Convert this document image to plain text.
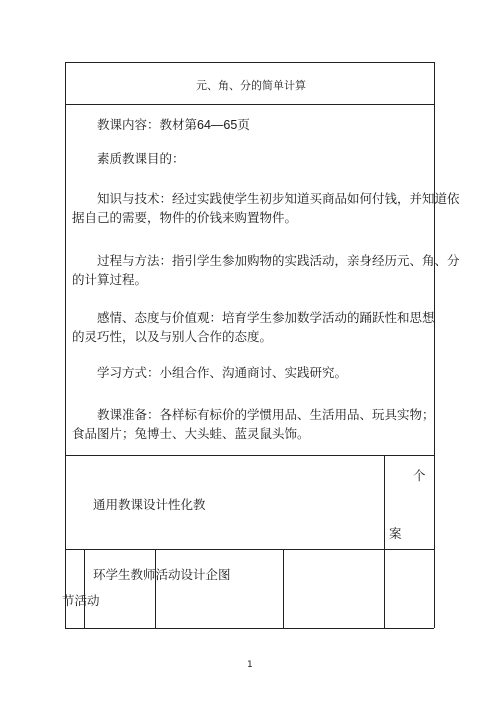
元、角、分的简单计算
教课内容：教材第64—65页
素质教课目的：
知识与技术：经过实践使学生初步知道买商品如何付钱，并知道依
据自己的需要，物件的价钱来购置物件。
过程与方法：指引学生参加购物的实践活动，亲身经历元、角、分
的计算过程。
感情、态度与价值观：培育学生参加数学活动的踊跃性和思想
的灵巧性，以及与别人合作的态度。
学习方式：小组合作、沟通商讨、实践研究。
教课准备：各样标有标价的学惯用品、生活用品、玩具实物；
食品图片；兔博士、大头蛙、蓝灵鼠头饰。
通用教课设计性化教
个
案
环学生教师活动设计企图
节活动
1
